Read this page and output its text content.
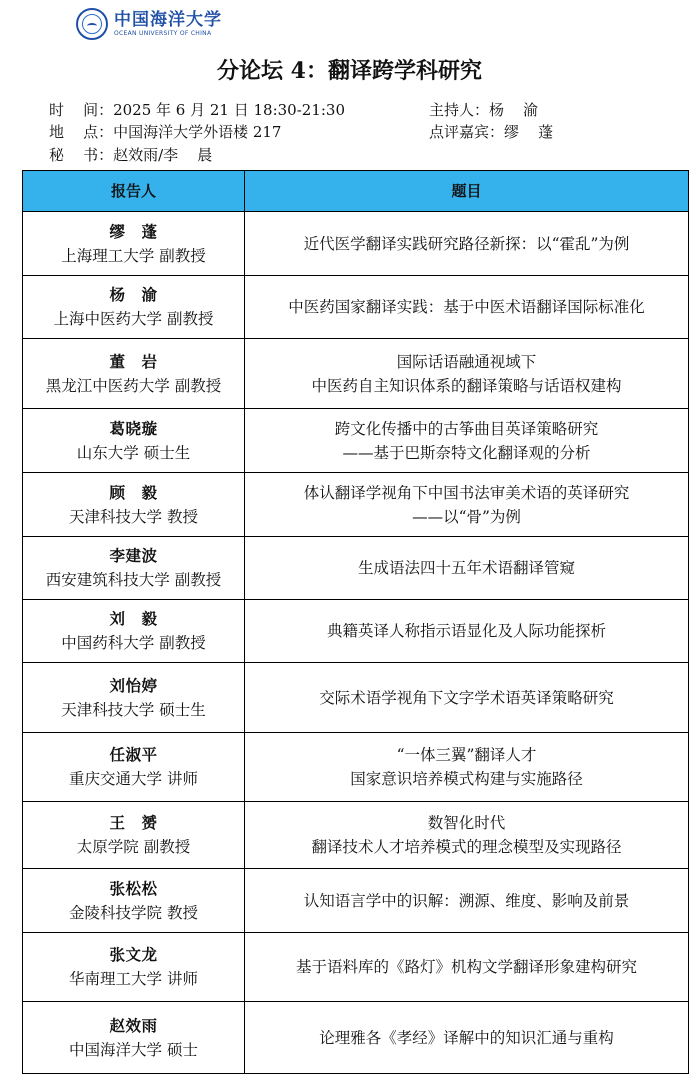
中国海洋大学
OCEAN UNIVERSITY OF CHINA
分论坛 4：翻译跨学科研究
时    间：2025 年 6 月 21 日 18:30-21:30
地    点：中国海洋大学外语楼 217
秘    书：赵效雨/李    晨
主持人：杨    渝
点评嘉宾：缪    蓬
报告人	题目

缪　蓬
上海理工大学 副教授	近代医学翻译实践研究路径新探：以“霍乱”为例

杨　渝
上海中医药大学 副教授	中医药国家翻译实践：基于中医术语翻译国际标准化

董　岩
黑龙江中医药大学 副教授	国际话语融通视域下
中医药自主知识体系的翻译策略与话语权建构

葛晓璇
山东大学 硕士生	跨文化传播中的古筝曲目英译策略研究
——基于巴斯奈特文化翻译观的分析

顾　毅
天津科技大学 教授	体认翻译学视角下中国书法审美术语的英译研究
——以“骨”为例

李建波
西安建筑科技大学 副教授	生成语法四十五年术语翻译管窥

刘　毅
中国药科大学 副教授	典籍英译人称指示语显化及人际功能探析

刘怡婷
天津科技大学 硕士生	交际术语学视角下文字学术语英译策略研究

任淑平
重庆交通大学 讲师	“一体三翼”翻译人才
国家意识培养模式构建与实施路径

王　赟
太原学院 副教授	数智化时代
翻译技术人才培养模式的理念模型及实现路径

张松松
金陵科技学院 教授	认知语言学中的识解：溯源、维度、影响及前景

张文龙
华南理工大学 讲师	基于语料库的《路灯》机构文学翻译形象建构研究

赵效雨
中国海洋大学 硕士	论理雅各《孝经》译解中的知识汇通与重构
